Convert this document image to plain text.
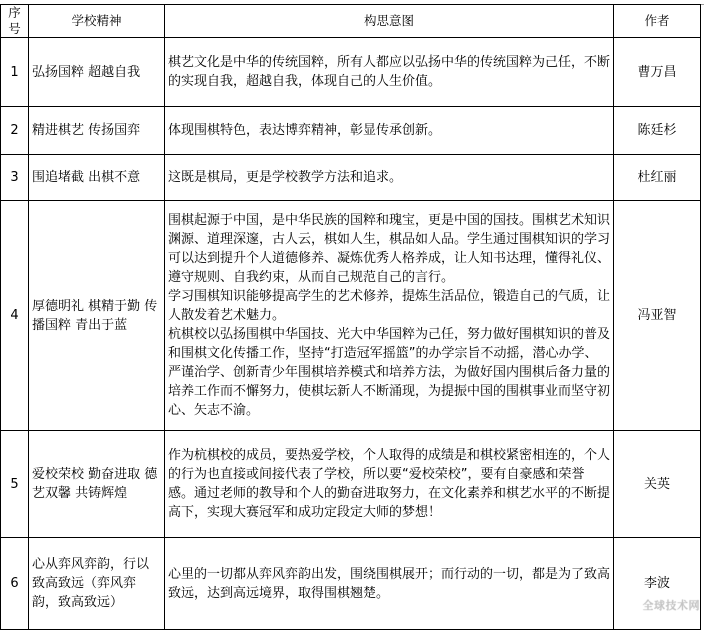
序号	学校精神	构思意图	作者
1	弘扬国粹 超越自我	棋艺文化是中华的传统国粹，所有人都应以弘扬中华的传统国粹为己任，不断的实现自我，超越自我，体现自己的人生价值。	曹万昌
2	精进棋艺 传扬国弈	体现围棋特色，表达博弈精神，彰显传承创新。	陈廷杉
3	围追堵截 出棋不意	这既是棋局，更是学校教学方法和追求。	杜红丽
4	厚德明礼 棋精于勤 传播国粹 青出于蓝	围棋起源于中国，是中华民族的国粹和瑰宝，更是中国的国技。围棋艺术知识渊源、道理深邃，古人云，棋如人生，棋品如人品。学生通过围棋知识的学习可以达到提升个人道德修养、凝炼优秀人格养成，让人知书达理，懂得礼仪、遵守规则、自我约束，从而自己规范自己的言行。
学习围棋知识能够提高学生的艺术修养，提炼生活品位，锻造自己的气质，让人散发着艺术魅力。
杭棋校以弘扬围棋中华国技、光大中华国粹为己任，努力做好围棋知识的普及和围棋文化传播工作，坚持“打造冠军摇篮”的办学宗旨不动摇，潜心办学、严谨治学、创新青少年围棋培养模式和培养方法，为做好国内围棋后备力量的培养工作而不懈努力，使棋坛新人不断涌现，为提振中国的围棋事业而坚守初心、矢志不渝。	冯亚智
5	爱校荣校 勤奋进取 德艺双馨 共铸辉煌	作为杭棋校的成员，要热爱学校，个人取得的成绩是和棋校紧密相连的，个人的行为也直接或间接代表了学校，所以要“爱校荣校”，要有自豪感和荣誉感。通过老师的教导和个人的勤奋进取努力，在文化素养和棋艺水平的不断提高下，实现大赛冠军和成功定段定大师的梦想！	关英
6	心从弈风弈韵，行以致高致远（弈风弈韵，致高致远）	心里的一切都从弈风弈韵出发，围绕围棋展开；而行动的一切，都是为了致高致远，达到高远境界，取得围棋翘楚。	李波
全球技术网
